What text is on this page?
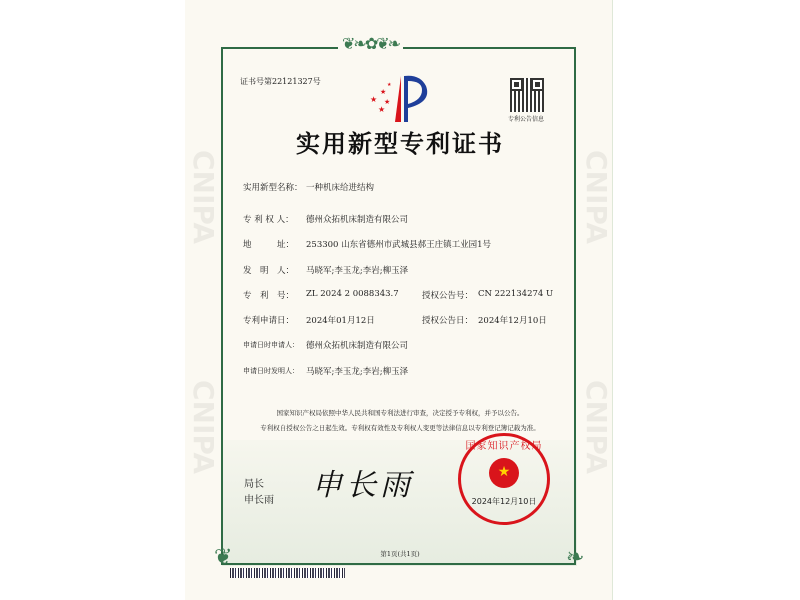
CNIPA
CNIPA
CNIPA
CNIPA
❦❧✿❦❧
❦	❧
证书号第22121327号
★
★
★
★
★
专利公告信息
实用新型专利证书
实用新型名称： 一种机床给进结构
专 利 权 人： 德州众拓机床制造有限公司
地　　　址： 253300 山东省德州市武城县郝王庄镇工业园1号
发　明　人： 马晓军;李玉龙;李岩;柳玉泽
专　利　号： ZL 2024 2 0088343.7	授权公告号： CN 222134274 U
专利申请日： 2024年01月12日	授权公告日： 2024年12月10日
申请日时申请人： 德州众拓机床制造有限公司
申请日时发明人： 马晓军;李玉龙;李岩;柳玉泽
国家知识产权局依照中华人民共和国专利法进行审查，决定授予专利权，并予以公告。
专利权自授权公告之日起生效。专利权有效性及专利权人变更等法律信息以专利登记簿记载为准。
局长
申长雨 申长雨
国家知识产权局
★
2024年12月10日
第1页(共1页)
